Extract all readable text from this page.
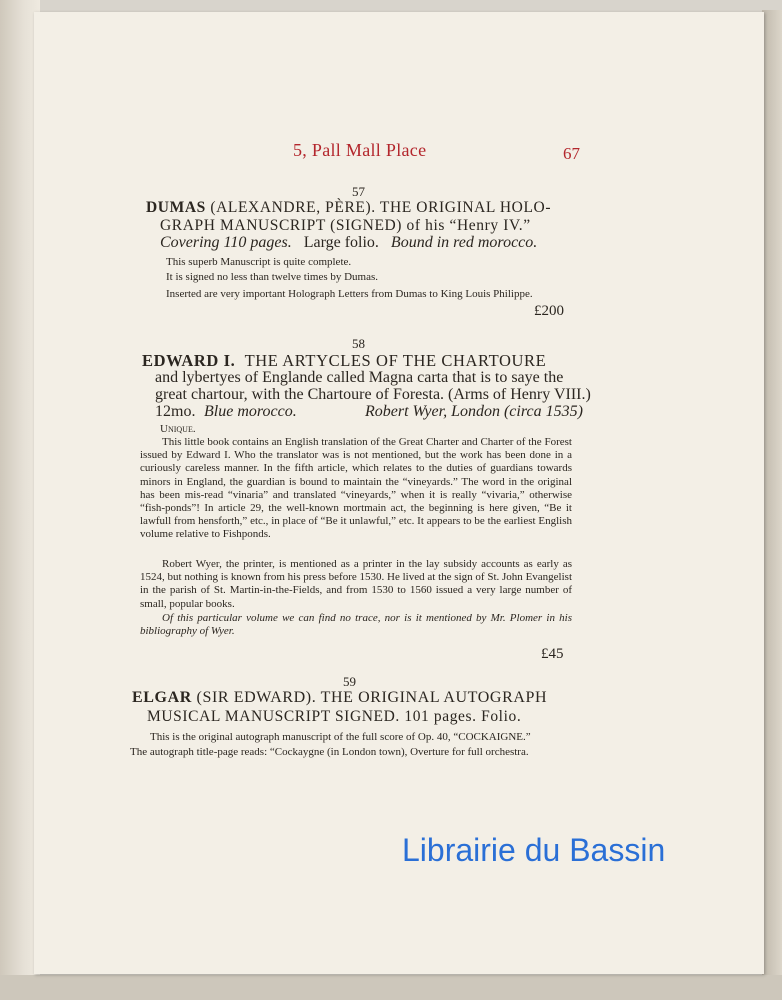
5, Pall Mall Place	67
57
DUMAS (ALEXANDRE, PÈRE). THE ORIGINAL HOLO-
GRAPH MANUSCRIPT (SIGNED) of his “Henry IV.”
Covering 110 pages. Large folio. Bound in red morocco.
This superb Manuscript is quite complete.
It is signed no less than twelve times by Dumas.
Inserted are very important Holograph Letters from Dumas to King Louis Philippe.
£200
58
EDWARD I. THE ARTYCLES OF THE CHARTOURE
and lybertyes of Englande called Magna carta that is to saye the
great chartour, with the Chartoure of Foresta. (Arms of Henry VIII.)
12mo. Blue morocco.	Robert Wyer, London (circa 1535)
Unique.
This little book contains an English translation of the Great Charter and Charter of the Forest issued by Edward I. Who the translator was is not mentioned, but the work has been done in a curiously careless manner. In the fifth article, which relates to the duties of guardians towards minors in England, the guardian is bound to maintain the “vineyards.” The word in the original has been mis-read “vinaria” and translated “vineyards,” when it is really “vivaria,” otherwise “fish-ponds”! In article 29, the well-known mortmain act, the beginning is here given, “Be it lawfull from hensforth,” etc., in place of “Be it unlawful,” etc. It appears to be the earliest English volume relative to Fishponds.
Robert Wyer, the printer, is mentioned as a printer in the lay subsidy accounts as early as 1524, but nothing is known from his press before 1530. He lived at the sign of St. John Evangelist in the parish of St. Martin-in-the-Fields, and from 1530 to 1560 issued a very large number of small, popular books.
Of this particular volume we can find no trace, nor is it mentioned by Mr. Plomer in his bibliography of Wyer.
£45
59
ELGAR (SIR EDWARD). THE ORIGINAL AUTOGRAPH
MUSICAL MANUSCRIPT SIGNED. 101 pages. Folio.
This is the original autograph manuscript of the full score of Op. 40, “COCKAIGNE.”
The autograph title-page reads: “Cockaygne (in London town), Overture for full orchestra.
Librairie du Bassin
